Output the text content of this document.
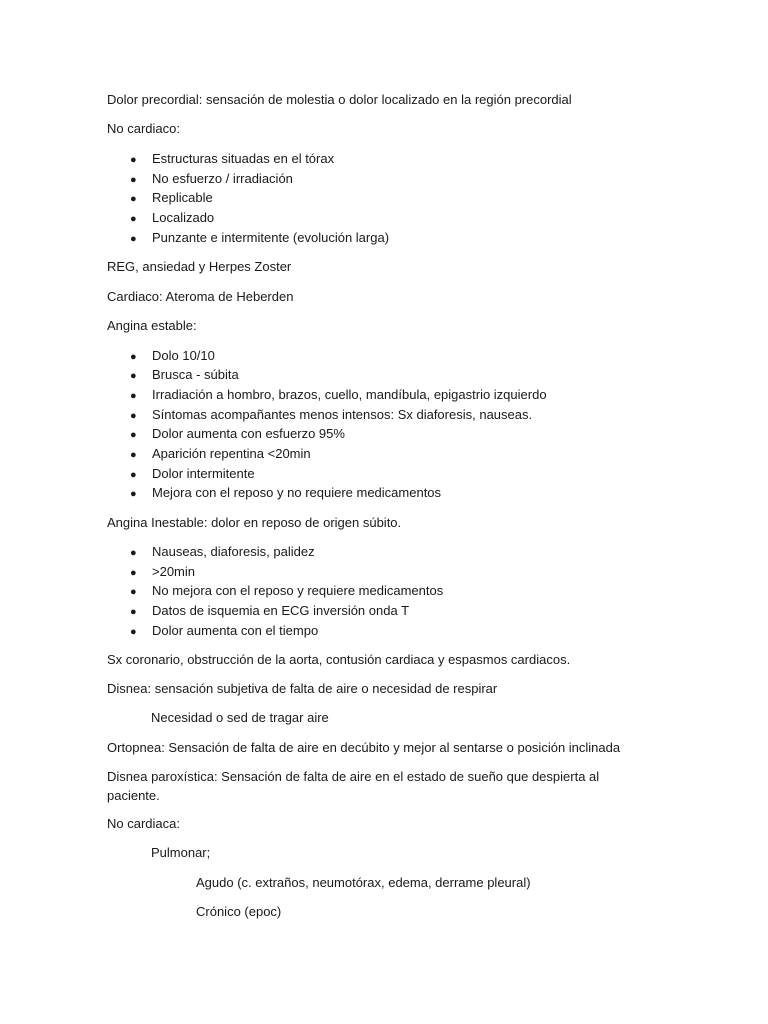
Dolor precordial: sensación de molestia o dolor localizado en la región precordial
No cardiaco:
● Estructuras situadas en el tórax
● No esfuerzo / irradiación
● Replicable
● Localizado
● Punzante e intermitente (evolución larga)
REG, ansiedad y Herpes Zoster
Cardiaco: Ateroma de Heberden
Angina estable:
● Dolo 10/10
● Brusca - súbita
● Irradiación a hombro, brazos, cuello, mandíbula, epigastrio izquierdo
● Síntomas acompañantes menos intensos: Sx diaforesis, nauseas.
● Dolor aumenta con esfuerzo 95%
● Aparición repentina <20min
● Dolor intermitente
● Mejora con el reposo y no requiere medicamentos
Angina Inestable: dolor en reposo de origen súbito.
● Nauseas, diaforesis, palidez
● >20min
● No mejora con el reposo y requiere medicamentos
● Datos de isquemia en ECG inversión onda T
● Dolor aumenta con el tiempo
Sx coronario, obstrucción de la aorta, contusión cardiaca y espasmos cardiacos.
Disnea: sensación subjetiva de falta de aire o necesidad de respirar
Necesidad o sed de tragar aire
Ortopnea: Sensación de falta de aire en decúbito y mejor al sentarse o posición inclinada
Disnea paroxística: Sensación de falta de aire en el estado de sueño que despierta al paciente.
No cardiaca:
Pulmonar;
Agudo (c. extraños, neumotórax, edema, derrame pleural)
Crónico (epoc)
